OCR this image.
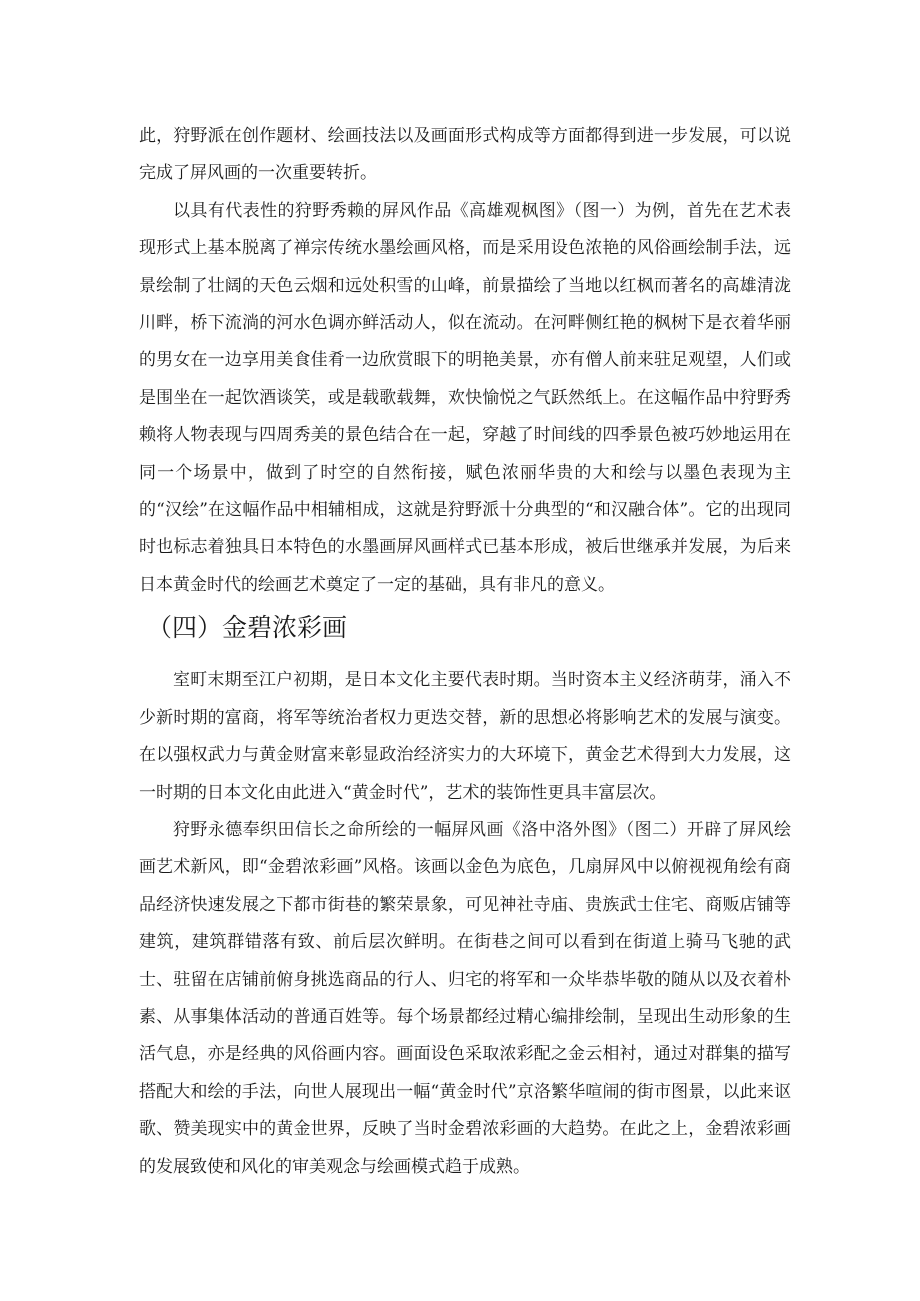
此，狩野派在创作题材、绘画技法以及画面形式构成等方面都得到进一步发展，可以说完成了屏风画的一次重要转折。

以具有代表性的狩野秀赖的屏风作品《高雄观枫图》（图一）为例，首先在艺术表现形式上基本脱离了禅宗传统水墨绘画风格，而是采用设色浓艳的风俗画绘制手法，远景绘制了壮阔的天色云烟和远处积雪的山峰，前景描绘了当地以红枫而著名的高雄清泷川畔，桥下流淌的河水色调亦鲜活动人，似在流动。在河畔侧红艳的枫树下是衣着华丽的男女在一边享用美食佳肴一边欣赏眼下的明艳美景，亦有僧人前来驻足观望，人们或是围坐在一起饮酒谈笑，或是载歌载舞，欢快愉悦之气跃然纸上。在这幅作品中狩野秀赖将人物表现与四周秀美的景色结合在一起，穿越了时间线的四季景色被巧妙地运用在同一个场景中，做到了时空的自然衔接，赋色浓丽华贵的大和绘与以墨色表现为主的“汉绘”在这幅作品中相辅相成，这就是狩野派十分典型的“和汉融合体”。它的出现同时也标志着独具日本特色的水墨画屏风画样式已基本形成，被后世继承并发展，为后来日本黄金时代的绘画艺术奠定了一定的基础，具有非凡的意义。

（四）金碧浓彩画

室町末期至江户初期，是日本文化主要代表时期。当时资本主义经济萌芽，涌入不少新时期的富商，将军等统治者权力更迭交替，新的思想必将影响艺术的发展与演变。在以强权武力与黄金财富来彰显政治经济实力的大环境下，黄金艺术得到大力发展，这一时期的日本文化由此进入“黄金时代”，艺术的装饰性更具丰富层次。

狩野永德奉织田信长之命所绘的一幅屏风画《洛中洛外图》（图二）开辟了屏风绘画艺术新风，即“金碧浓彩画”风格。该画以金色为底色，几扇屏风中以俯视视角绘有商品经济快速发展之下都市街巷的繁荣景象，可见神社寺庙、贵族武士住宅、商贩店铺等建筑，建筑群错落有致、前后层次鲜明。在街巷之间可以看到在街道上骑马飞驰的武士、驻留在店铺前俯身挑选商品的行人、归宅的将军和一众毕恭毕敬的随从以及衣着朴素、从事集体活动的普通百姓等。每个场景都经过精心编排绘制，呈现出生动形象的生活气息，亦是经典的风俗画内容。画面设色采取浓彩配之金云相衬，通过对群集的描写搭配大和绘的手法，向世人展现出一幅“黄金时代”京洛繁华喧闹的街市图景，以此来讴歌、赞美现实中的黄金世界，反映了当时金碧浓彩画的大趋势。在此之上，金碧浓彩画的发展致使和风化的审美观念与绘画模式趋于成熟。
